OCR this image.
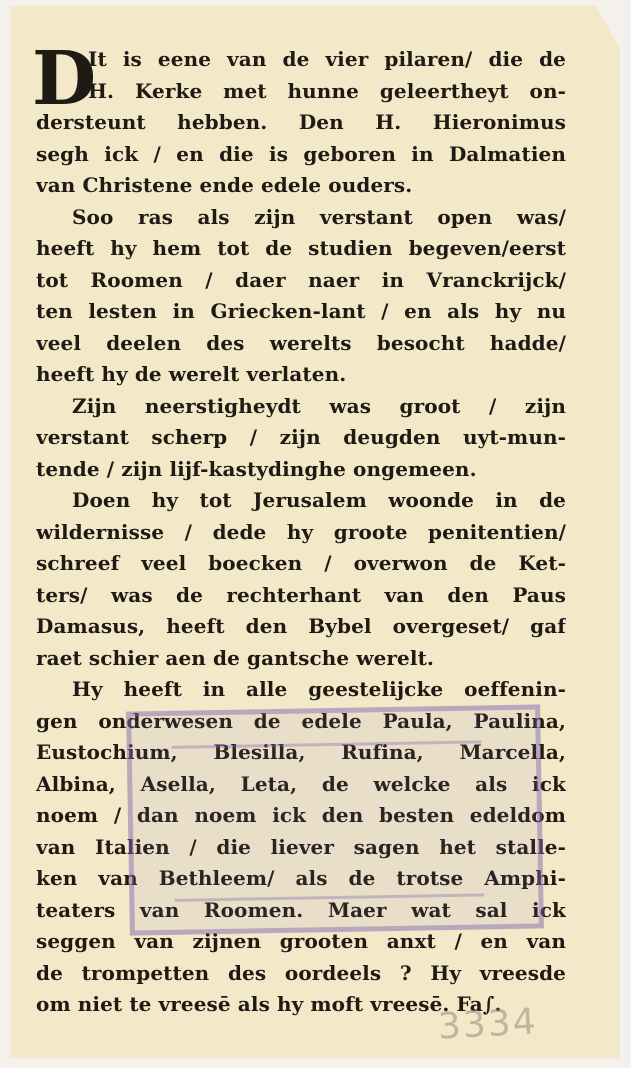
D
It is eene van de vier pilaren/ die de
H. Kerke met hunne geleertheyt on-
dersteunt hebben. Den H. Hieronimus
segh ick / en die is geboren in Dalmatien
van Christene ende edele ouders.
Soo ras als zijn verstant open was/
heeft hy hem tot de studien begeven/eerst
tot Roomen / daer naer in Vranckrijck/
ten lesten in Griecken-lant / en als hy nu
veel deelen des werelts besocht hadde/
heeft hy de werelt verlaten.
Zijn neerstigheydt was groot / zijn
verstant scherp / zijn deugden uyt-mun-
tende / zijn lijf-kastydinghe ongemeen.
Doen hy tot Jerusalem woonde in de
wildernisse / dede hy groote penitentien/
schreef veel boecken / overwon de Ket-
ters/ was de rechterhant van den Paus
Damasus, heeft den Bybel overgeset/ gaf
raet schier aen de gantsche werelt.
Hy heeft in alle geestelijcke oeffenin-
gen onderwesen de edele Paula, Paulina,
Eustochium, Blesilla, Rufina, Marcella,
Albina, Asella, Leta, de welcke als ick
noem / dan noem ick den besten edeldom
van Italien / die liever sagen het stalle-
ken van Bethleem/ als de trotse Amphi-
teaters van Roomen. Maer wat sal ick
seggen van zijnen grooten anxt / en van
de trompetten des oordeels ? Hy vreesde
om niet te vreesē als hy moft vreesē. Fa∫.
3334
